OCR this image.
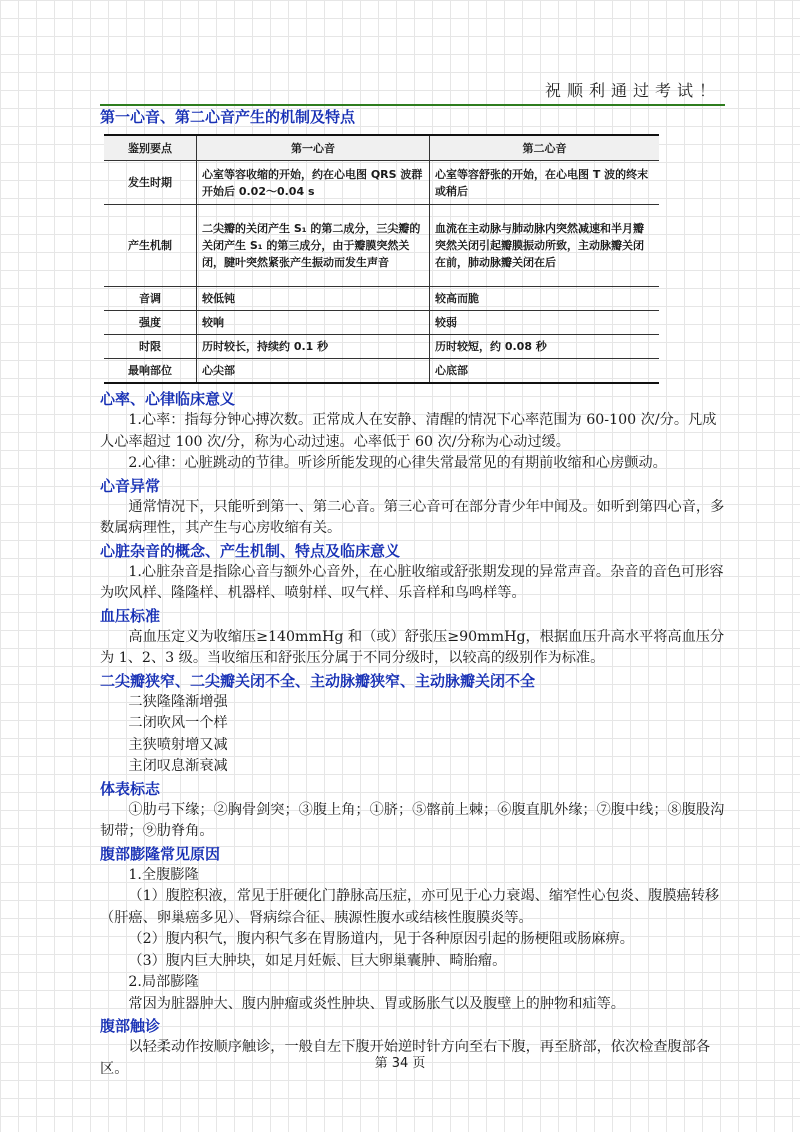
祝顺利通过考试！
第一心音、第二心音产生的机制及特点
鉴别要点	第一心音	第二心音
发生时期	心室等容收缩的开始，约在心电图 QRS 波群开始后 0.02～0.04 s	心室等容舒张的开始，在心电图 T 波的终末或稍后
产生机制	二尖瓣的关闭产生 S₁ 的第二成分，三尖瓣的关闭产生 S₁ 的第三成分，由于瓣膜突然关闭，腱叶突然紧张产生振动而发生声音	血流在主动脉与肺动脉内突然减速和半月瓣突然关闭引起瓣膜振动所致，主动脉瓣关闭在前，肺动脉瓣关闭在后
音调	较低钝	较高而脆
强度	较响	较弱
时限	历时较长，持续约 0.1 秒	历时较短，约 0.08 秒
最响部位	心尖部	心底部
心率、心律临床意义

1.心率：指每分钟心搏次数。正常成人在安静、清醒的情况下心率范围为 60-100 次/分。凡成人心率超过 100 次/分，称为心动过速。心率低于 60 次/分称为心动过缓。

2.心律：心脏跳动的节律。听诊所能发现的心律失常最常见的有期前收缩和心房颤动。

心音异常

通常情况下，只能听到第一、第二心音。第三心音可在部分青少年中闻及。如听到第四心音，多数属病理性，其产生与心房收缩有关。

心脏杂音的概念、产生机制、特点及临床意义

1.心脏杂音是指除心音与额外心音外，在心脏收缩或舒张期发现的异常声音。杂音的音色可形容为吹风样、隆隆样、机器样、喷射样、叹气样、乐音样和鸟鸣样等。

血压标准

高血压定义为收缩压≥140mmHg 和（或）舒张压≥90mmHg，根据血压升高水平将高血压分为 1、2、3 级。当收缩压和舒张压分属于不同分级时，以较高的级别作为标准。

二尖瓣狭窄、二尖瓣关闭不全、主动脉瓣狭窄、主动脉瓣关闭不全

二狭隆隆渐增强

二闭吹风一个样

主狭喷射增又减

主闭叹息渐衰减

体表标志

①肋弓下缘；②胸骨剑突；③腹上角；①脐；⑤髂前上棘；⑥腹直肌外缘；⑦腹中线；⑧腹股沟韧带；⑨肋脊角。

腹部膨隆常见原因

1.全腹膨隆

（1）腹腔积液，常见于肝硬化门静脉高压症，亦可见于心力衰竭、缩窄性心包炎、腹膜癌转移（肝癌、卵巢癌多见）、肾病综合征、胰源性腹水或结核性腹膜炎等。

（2）腹内积气，腹内积气多在胃肠道内，见于各种原因引起的肠梗阻或肠麻痹。

（3）腹内巨大肿块，如足月妊娠、巨大卵巢囊肿、畸胎瘤。

2.局部膨隆

常因为脏器肿大、腹内肿瘤或炎性肿块、胃或肠胀气以及腹壁上的肿物和疝等。

腹部触诊

以轻柔动作按顺序触诊，一般自左下腹开始逆时针方向至右下腹，再至脐部，依次检查腹部各区。	第 34 页
